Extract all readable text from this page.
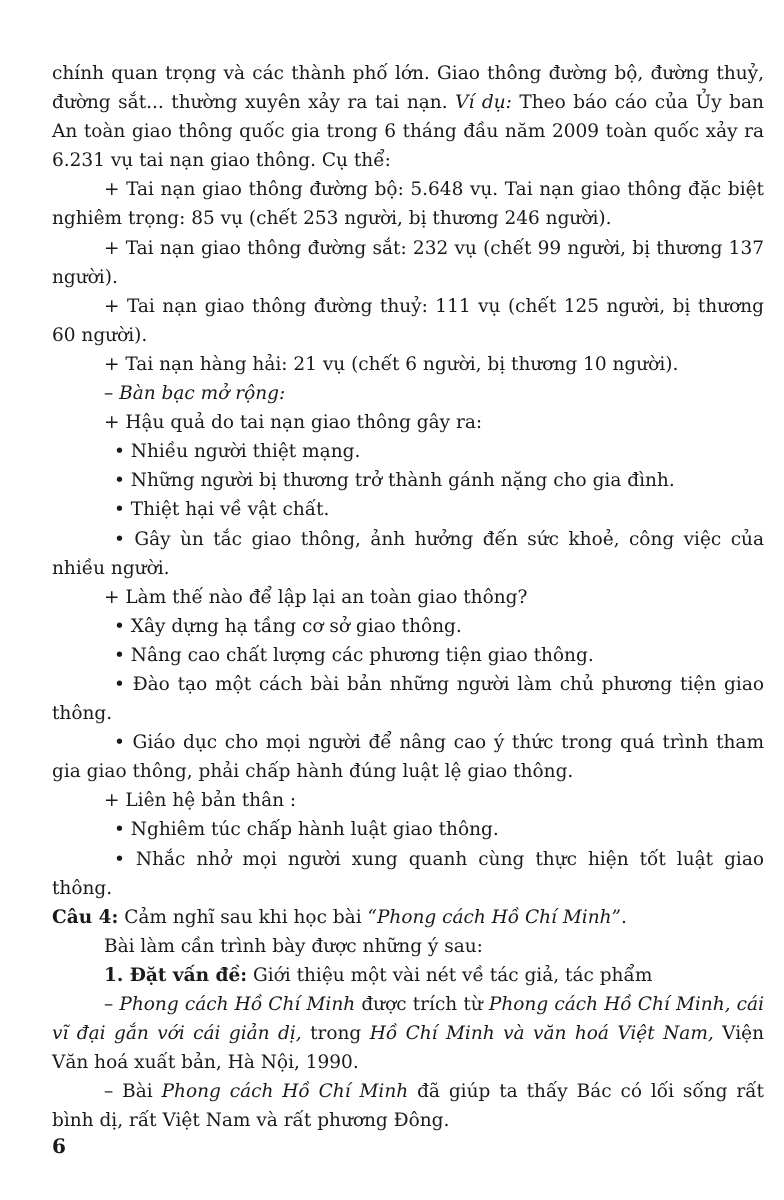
chính quan trọng và các thành phố lớn. Giao thông đường bộ, đường thuỷ, đường sắt... thường xuyên xảy ra tai nạn. Ví dụ: Theo báo cáo của Ủy ban An toàn giao thông quốc gia trong 6 tháng đầu năm 2009 toàn quốc xảy ra 6.231 vụ tai nạn giao thông. Cụ thể:

+ Tai nạn giao thông đường bộ: 5.648 vụ. Tai nạn giao thông đặc biệt nghiêm trọng: 85 vụ (chết 253 người, bị thương 246 người).

+ Tai nạn giao thông đường sắt: 232 vụ (chết 99 người, bị thương 137 người).

+ Tai nạn giao thông đường thuỷ: 111 vụ (chết 125 người, bị thương 60 người).

+ Tai nạn hàng hải: 21 vụ (chết 6 người, bị thương 10 người).

– Bàn bạc mở rộng:

+ Hậu quả do tai nạn giao thông gây ra:

• Nhiều người thiệt mạng.

• Những người bị thương trở thành gánh nặng cho gia đình.

• Thiệt hại về vật chất.

• Gây ùn tắc giao thông, ảnh hưởng đến sức khoẻ, công việc của nhiều người.

+ Làm thế nào để lập lại an toàn giao thông?

• Xây dựng hạ tầng cơ sở giao thông.

• Nâng cao chất lượng các phương tiện giao thông.

• Đào tạo một cách bài bản những người làm chủ phương tiện giao thông.

• Giáo dục cho mọi người để nâng cao ý thức trong quá trình tham gia giao thông, phải chấp hành đúng luật lệ giao thông.

+ Liên hệ bản thân :

• Nghiêm túc chấp hành luật giao thông.

• Nhắc nhở mọi người xung quanh cùng thực hiện tốt luật giao thông.

Câu 4: Cảm nghĩ sau khi học bài “Phong cách Hồ Chí Minh”.

Bài làm cần trình bày được những ý sau:

1. Đặt vấn đề: Giới thiệu một vài nét về tác giả, tác phẩm

– Phong cách Hồ Chí Minh được trích từ Phong cách Hồ Chí Minh, cái vĩ đại gắn với cái giản dị, trong Hồ Chí Minh và văn hoá Việt Nam, Viện Văn hoá xuất bản, Hà Nội, 1990.

– Bài Phong cách Hồ Chí Minh đã giúp ta thấy Bác có lối sống rất bình dị, rất Việt Nam và rất phương Đông.

6
